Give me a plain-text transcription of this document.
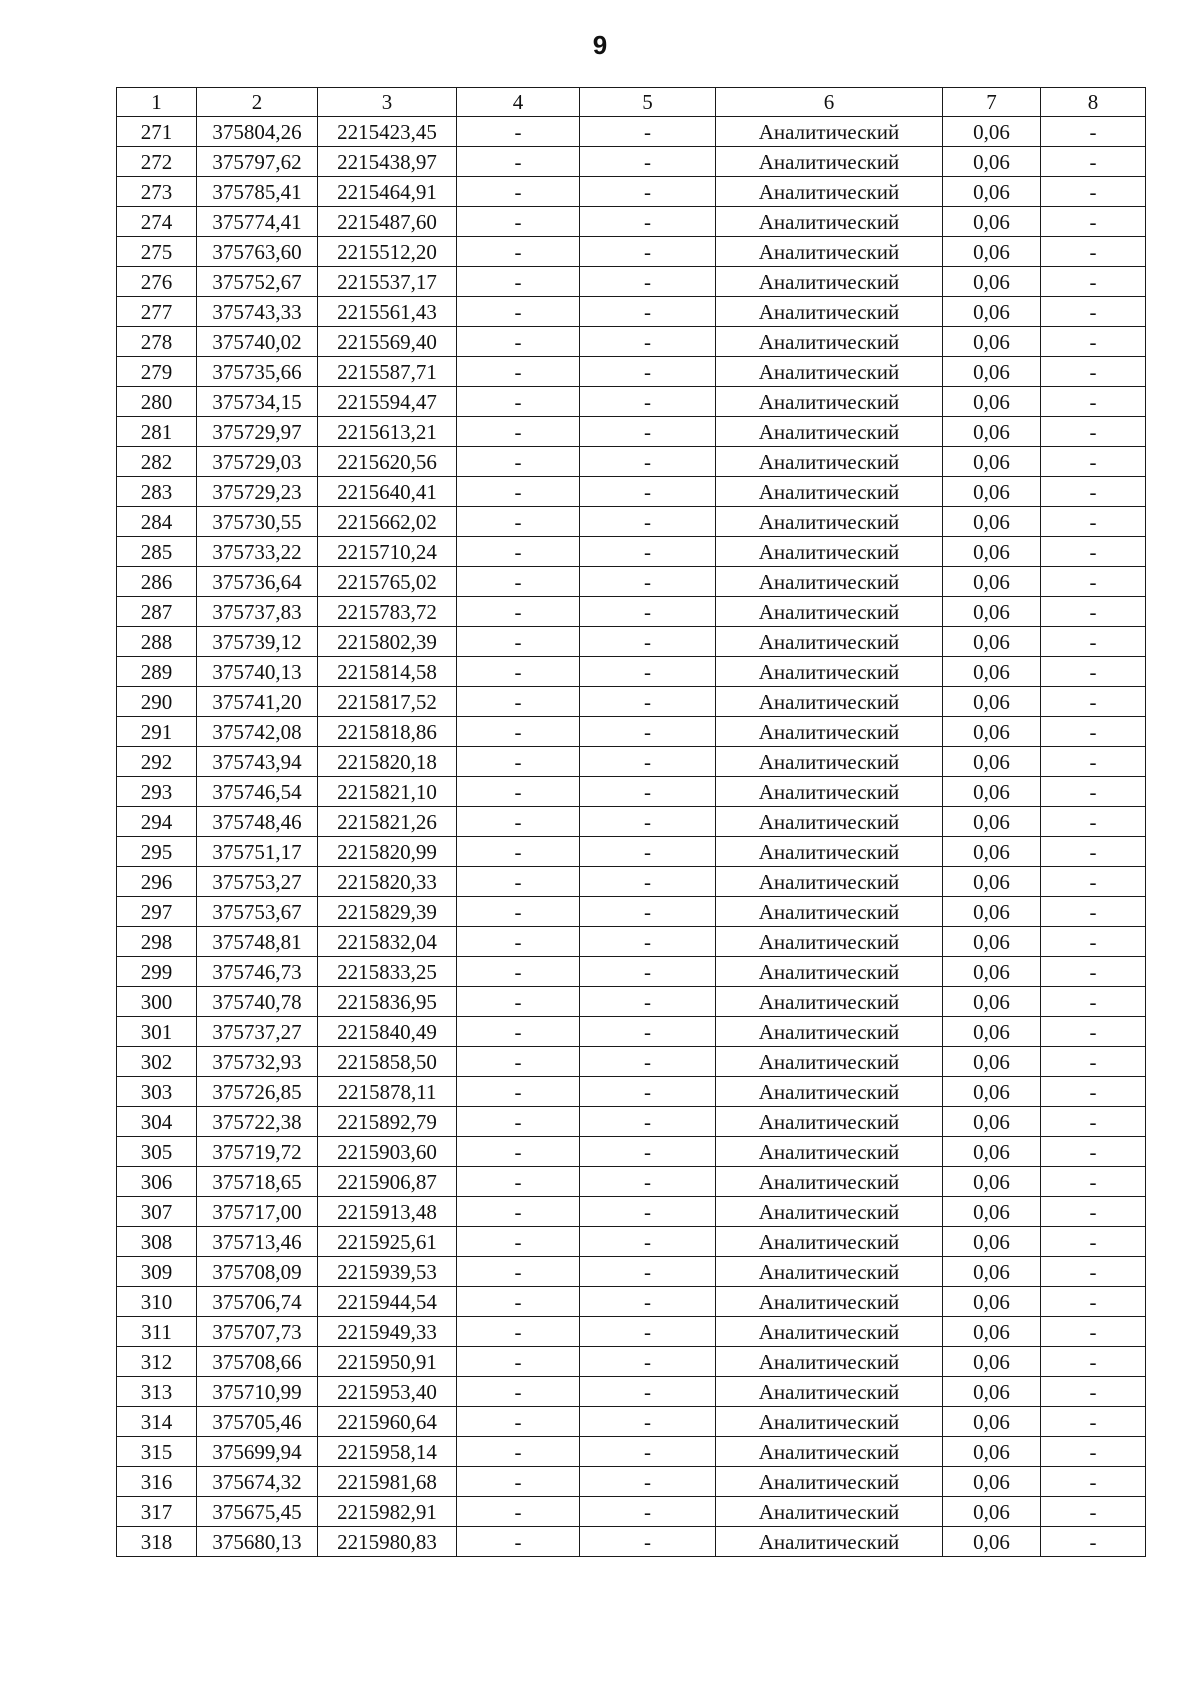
9
1	2	3	4	5	6	7	8
271	375804,26	2215423,45	-	-	Аналитический	0,06	-
272	375797,62	2215438,97	-	-	Аналитический	0,06	-
273	375785,41	2215464,91	-	-	Аналитический	0,06	-
274	375774,41	2215487,60	-	-	Аналитический	0,06	-
275	375763,60	2215512,20	-	-	Аналитический	0,06	-
276	375752,67	2215537,17	-	-	Аналитический	0,06	-
277	375743,33	2215561,43	-	-	Аналитический	0,06	-
278	375740,02	2215569,40	-	-	Аналитический	0,06	-
279	375735,66	2215587,71	-	-	Аналитический	0,06	-
280	375734,15	2215594,47	-	-	Аналитический	0,06	-
281	375729,97	2215613,21	-	-	Аналитический	0,06	-
282	375729,03	2215620,56	-	-	Аналитический	0,06	-
283	375729,23	2215640,41	-	-	Аналитический	0,06	-
284	375730,55	2215662,02	-	-	Аналитический	0,06	-
285	375733,22	2215710,24	-	-	Аналитический	0,06	-
286	375736,64	2215765,02	-	-	Аналитический	0,06	-
287	375737,83	2215783,72	-	-	Аналитический	0,06	-
288	375739,12	2215802,39	-	-	Аналитический	0,06	-
289	375740,13	2215814,58	-	-	Аналитический	0,06	-
290	375741,20	2215817,52	-	-	Аналитический	0,06	-
291	375742,08	2215818,86	-	-	Аналитический	0,06	-
292	375743,94	2215820,18	-	-	Аналитический	0,06	-
293	375746,54	2215821,10	-	-	Аналитический	0,06	-
294	375748,46	2215821,26	-	-	Аналитический	0,06	-
295	375751,17	2215820,99	-	-	Аналитический	0,06	-
296	375753,27	2215820,33	-	-	Аналитический	0,06	-
297	375753,67	2215829,39	-	-	Аналитический	0,06	-
298	375748,81	2215832,04	-	-	Аналитический	0,06	-
299	375746,73	2215833,25	-	-	Аналитический	0,06	-
300	375740,78	2215836,95	-	-	Аналитический	0,06	-
301	375737,27	2215840,49	-	-	Аналитический	0,06	-
302	375732,93	2215858,50	-	-	Аналитический	0,06	-
303	375726,85	2215878,11	-	-	Аналитический	0,06	-
304	375722,38	2215892,79	-	-	Аналитический	0,06	-
305	375719,72	2215903,60	-	-	Аналитический	0,06	-
306	375718,65	2215906,87	-	-	Аналитический	0,06	-
307	375717,00	2215913,48	-	-	Аналитический	0,06	-
308	375713,46	2215925,61	-	-	Аналитический	0,06	-
309	375708,09	2215939,53	-	-	Аналитический	0,06	-
310	375706,74	2215944,54	-	-	Аналитический	0,06	-
311	375707,73	2215949,33	-	-	Аналитический	0,06	-
312	375708,66	2215950,91	-	-	Аналитический	0,06	-
313	375710,99	2215953,40	-	-	Аналитический	0,06	-
314	375705,46	2215960,64	-	-	Аналитический	0,06	-
315	375699,94	2215958,14	-	-	Аналитический	0,06	-
316	375674,32	2215981,68	-	-	Аналитический	0,06	-
317	375675,45	2215982,91	-	-	Аналитический	0,06	-
318	375680,13	2215980,83	-	-	Аналитический	0,06	-
